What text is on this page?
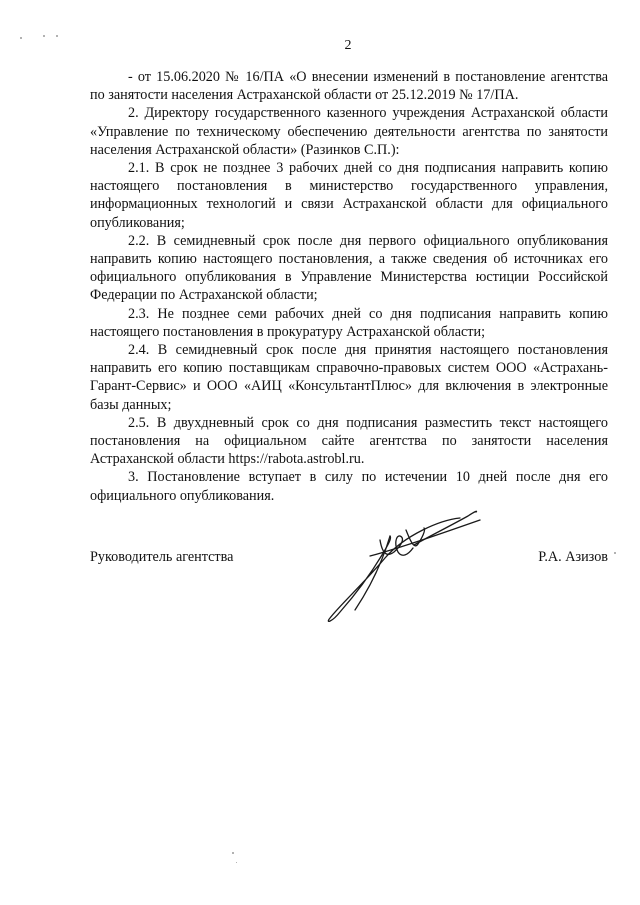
2

- от 15.06.2020 № 16/ПА «О внесении изменений в постановление агентства по занятости населения Астраханской области от 25.12.2019 № 17/ПА.

2. Директору государственного казенного учреждения Астраханской области «Управление по техническому обеспечению деятельности агентства по занятости населения Астраханской области» (Разинков С.П.):

2.1. В срок не позднее 3 рабочих дней со дня подписания направить копию настоящего постановления в министерство государственного управления, информационных технологий и связи Астраханской области для официального опубликования;

2.2. В семидневный срок после дня первого официального опубликования направить копию настоящего постановления, а также сведения об источниках его официального опубликования в Управление Министерства юстиции Российской Федерации по Астраханской области;

2.3. Не позднее семи рабочих дней со дня подписания направить копию настоящего постановления в прокуратуру Астраханской области;

2.4. В семидневный срок после дня принятия настоящего постановления направить его копию поставщикам справочно-правовых систем ООО «Астрахань-Гарант-Сервис» и ООО «АИЦ «КонсультантПлюс» для включения в электронные базы данных;

2.5. В двухдневный срок со дня подписания разместить текст настоящего постановления на официальном сайте агентства по занятости населения Астраханской области https://rabota.astrobl.ru.

3. Постановление вступает в силу по истечении 10 дней после дня его официального опубликования.

Руководитель агентства	Р.А. Азизов
